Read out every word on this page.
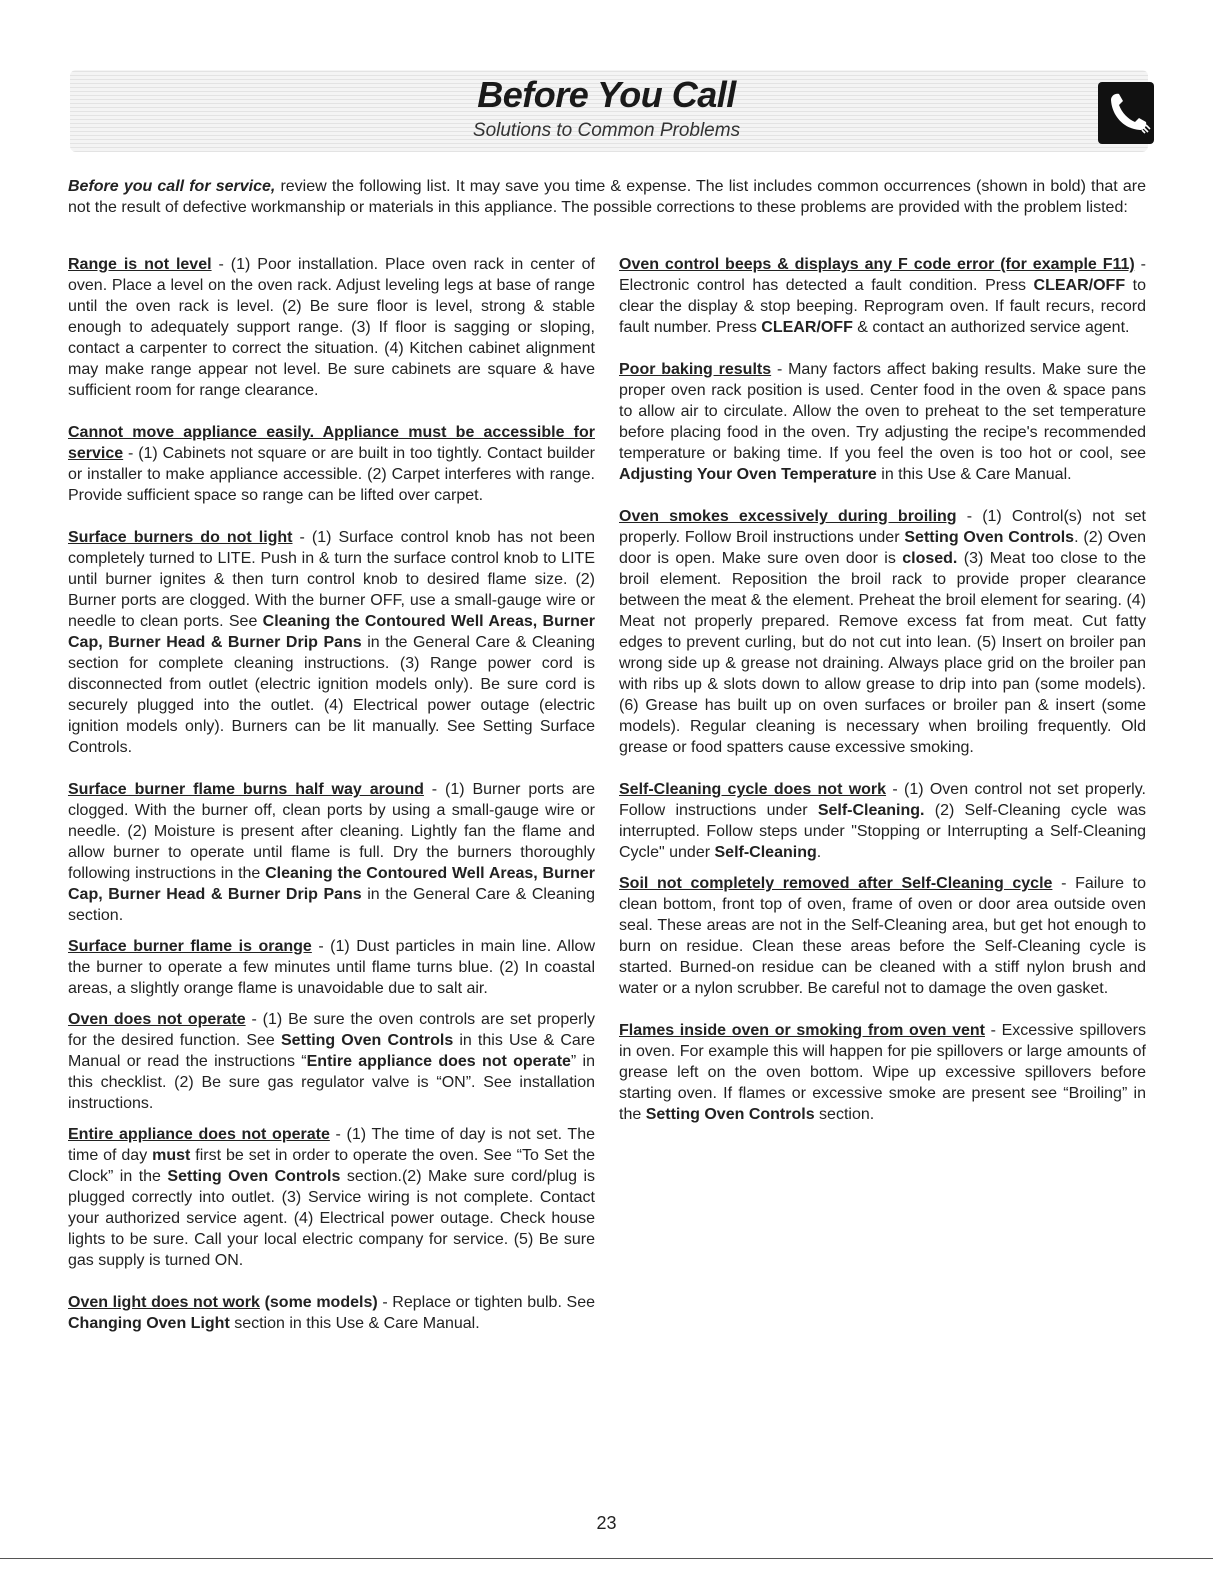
Before You Call

Solutions to Common Problems

Before you call for service, review the following list. It may save you time & expense. The list includes common occurrences (shown in bold) that are not the result of defective workmanship or materials in this appliance. The possible corrections to these problems are provided with the problem listed:

Range is not level - (1) Poor installation. Place oven rack in center of oven. Place a level on the oven rack. Adjust leveling legs at base of range until the oven rack is level. (2) Be sure floor is level, strong & stable enough to adequately support range. (3) If floor is sagging or sloping, contact a carpenter to correct the situation. (4) Kitchen cabinet alignment may make range appear not level. Be sure cabinets are square & have sufficient room for range clearance.

Cannot move appliance easily. Appliance must be accessible for service - (1) Cabinets not square or are built in too tightly. Contact builder or installer to make appliance accessible. (2) Carpet interferes with range. Provide sufficient space so range can be lifted over carpet.

Surface burners do not light - (1) Surface control knob has not been completely turned to LITE. Push in & turn the surface control knob to LITE until burner ignites & then turn control knob to desired flame size. (2) Burner ports are clogged. With the burner OFF, use a small-gauge wire or needle to clean ports. See Cleaning the Contoured Well Areas, Burner Cap, Burner Head & Burner Drip Pans in the General Care & Cleaning section for complete cleaning instructions. (3) Range power cord is disconnected from outlet (electric ignition models only). Be sure cord is securely plugged into the outlet. (4) Electrical power outage (electric ignition models only). Burners can be lit manually. See Setting Surface Controls.

Surface burner flame burns half way around - (1) Burner ports are clogged. With the burner off, clean ports by using a small-gauge wire or needle. (2) Moisture is present after cleaning. Lightly fan the flame and allow burner to operate until flame is full. Dry the burners thoroughly following instructions in the Cleaning the Contoured Well Areas, Burner Cap, Burner Head & Burner Drip Pans in the General Care & Cleaning section.

Surface burner flame is orange - (1) Dust particles in main line. Allow the burner to operate a few minutes until flame turns blue. (2) In coastal areas, a slightly orange flame is unavoidable due to salt air.

Oven does not operate - (1) Be sure the oven controls are set properly for the desired function. See Setting Oven Controls in this Use & Care Manual or read the instructions “Entire appliance does not operate” in this checklist. (2) Be sure gas regulator valve is “ON”. See installation instructions.

Entire appliance does not operate - (1) The time of day is not set. The time of day must first be set in order to operate the oven. See “To Set the Clock” in the Setting Oven Controls section.(2) Make sure cord/plug is plugged correctly into outlet. (3) Service wiring is not complete. Contact your authorized service agent. (4) Electrical power outage. Check house lights to be sure. Call your local electric company for service. (5) Be sure gas supply is turned ON.

Oven light does not work (some models) - Replace or tighten bulb. See Changing Oven Light section in this Use & Care Manual.

Oven control beeps & displays any F code error (for example F11) - Electronic control has detected a fault condition. Press CLEAR/OFF to clear the display & stop beeping. Reprogram oven. If fault recurs, record fault number. Press CLEAR/OFF & contact an authorized service agent.

Poor baking results - Many factors affect baking results. Make sure the proper oven rack position is used. Center food in the oven & space pans to allow air to circulate. Allow the oven to preheat to the set temperature before placing food in the oven. Try adjusting the recipe's recommended temperature or baking time. If you feel the oven is too hot or cool, see Adjusting Your Oven Temperature in this Use & Care Manual.

Oven smokes excessively during broiling - (1) Control(s) not set properly. Follow Broil instructions under Setting Oven Controls. (2) Oven door is open. Make sure oven door is closed. (3) Meat too close to the broil element. Reposition the broil rack to provide proper clearance between the meat & the element. Preheat the broil element for searing. (4) Meat not properly prepared. Remove excess fat from meat. Cut fatty edges to prevent curling, but do not cut into lean. (5) Insert on broiler pan wrong side up & grease not draining. Always place grid on the broiler pan with ribs up & slots down to allow grease to drip into pan (some models). (6) Grease has built up on oven surfaces or broiler pan & insert (some models). Regular cleaning is necessary when broiling frequently. Old grease or food spatters cause excessive smoking.

Self-Cleaning cycle does not work - (1) Oven control not set properly. Follow instructions under Self-Cleaning. (2) Self-Cleaning cycle was interrupted. Follow steps under "Stopping or Interrupting a Self-Cleaning Cycle" under Self-Cleaning.

Soil not completely removed after Self-Cleaning cycle - Failure to clean bottom, front top of oven, frame of oven or door area outside oven seal. These areas are not in the Self-Cleaning area, but get hot enough to burn on residue. Clean these areas before the Self-Cleaning cycle is started. Burned-on residue can be cleaned with a stiff nylon brush and water or a nylon scrubber. Be careful not to damage the oven gasket.

Flames inside oven or smoking from oven vent - Excessive spillovers in oven. For example this will happen for pie spillovers or large amounts of grease left on the oven bottom. Wipe up excessive spillovers before starting oven. If flames or excessive smoke are present see “Broiling” in the Setting Oven Controls section.

23
